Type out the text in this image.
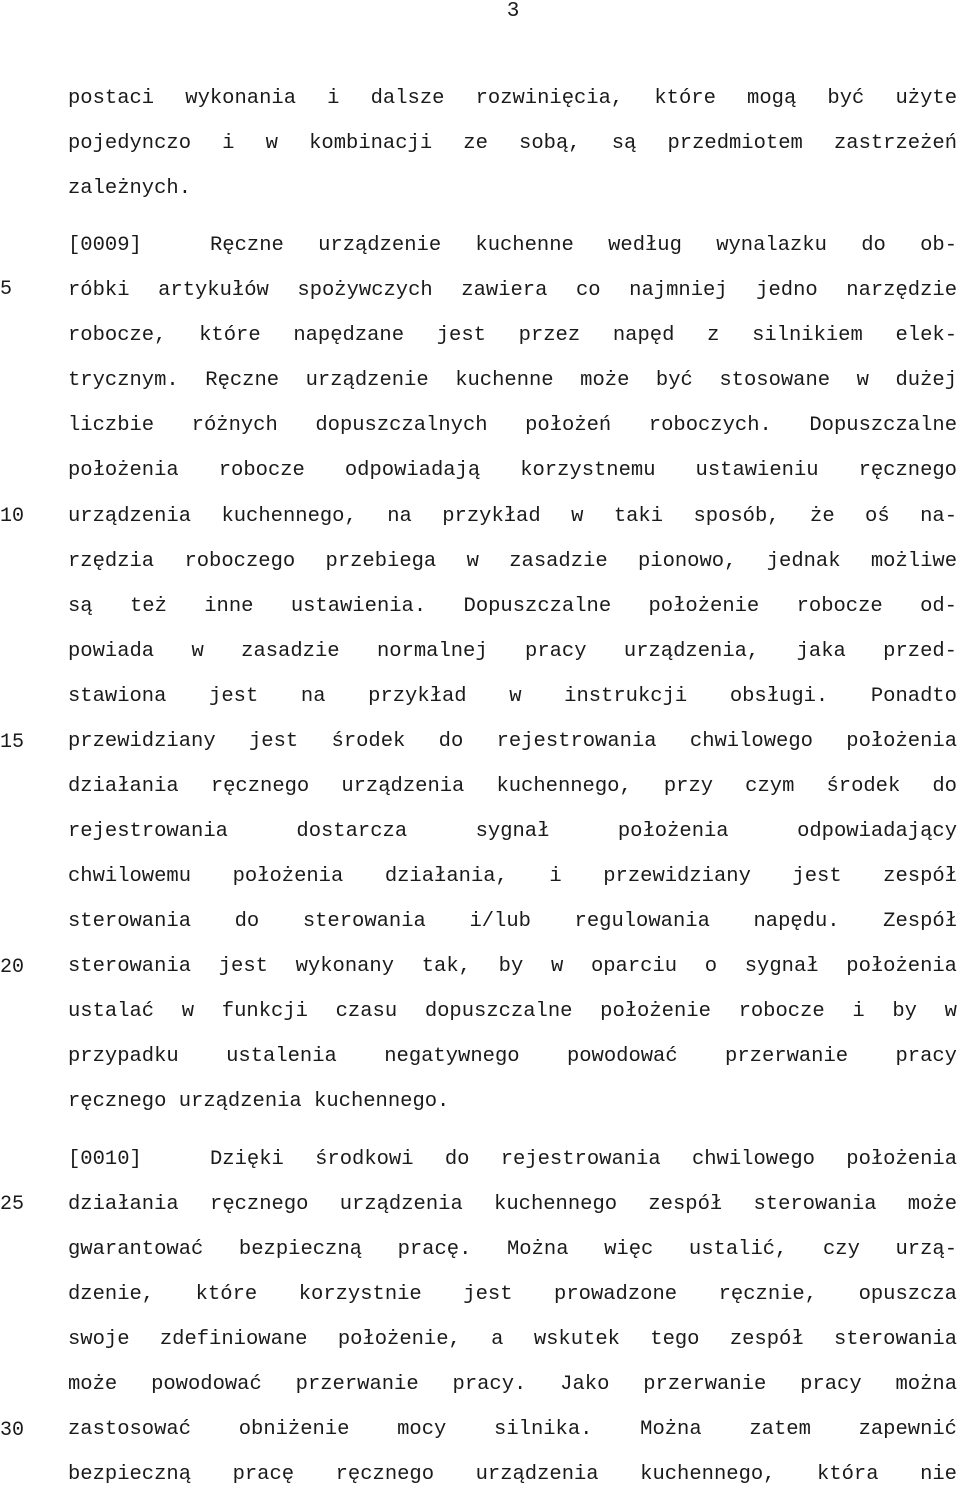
3
5
10
15
20
25
30
postaci wykonania i dalsze rozwinięcia, które mogą być użyte
pojedynczo i w kombinacji ze sobą, są przedmiotem zastrzeżeń
zależnych.
[0009]	Ręczne urządzenie kuchenne według wynalazku do ob-
róbki artykułów spożywczych zawiera co najmniej jedno narzędzie
robocze, które napędzane jest przez napęd z silnikiem elek-
trycznym. Ręczne urządzenie kuchenne może być stosowane w dużej
liczbie różnych dopuszczalnych położeń roboczych. Dopuszczalne
położenia robocze odpowiadają korzystnemu ustawieniu ręcznego
urządzenia kuchennego, na przykład w taki sposób, że oś na-
rzędzia roboczego przebiega w zasadzie pionowo, jednak możliwe
są też inne ustawienia. Dopuszczalne położenie robocze od-
powiada w zasadzie normalnej pracy urządzenia, jaka przed-
stawiona jest na przykład w instrukcji obsługi. Ponadto
przewidziany jest środek do rejestrowania chwilowego położenia
działania ręcznego urządzenia kuchennego, przy czym środek do
rejestrowania dostarcza sygnał położenia odpowiadający
chwilowemu położenia działania, i przewidziany jest zespół
sterowania do sterowania i/lub regulowania napędu. Zespół
sterowania jest wykonany tak, by w oparciu o sygnał położenia
ustalać w funkcji czasu dopuszczalne położenie robocze i by w
przypadku ustalenia negatywnego powodować przerwanie pracy
ręcznego urządzenia kuchennego.
[0010]	Dzięki środkowi do rejestrowania chwilowego położenia
działania ręcznego urządzenia kuchennego zespół sterowania może
gwarantować bezpieczną pracę. Można więc ustalić, czy urzą-
dzenie, które korzystnie jest prowadzone ręcznie, opuszcza
swoje zdefiniowane położenie, a wskutek tego zespół sterowania
może powodować przerwanie pracy. Jako przerwanie pracy można
zastosować obniżenie mocy silnika. Można zatem zapewnić
bezpieczną pracę ręcznego urządzenia kuchennego, która nie
